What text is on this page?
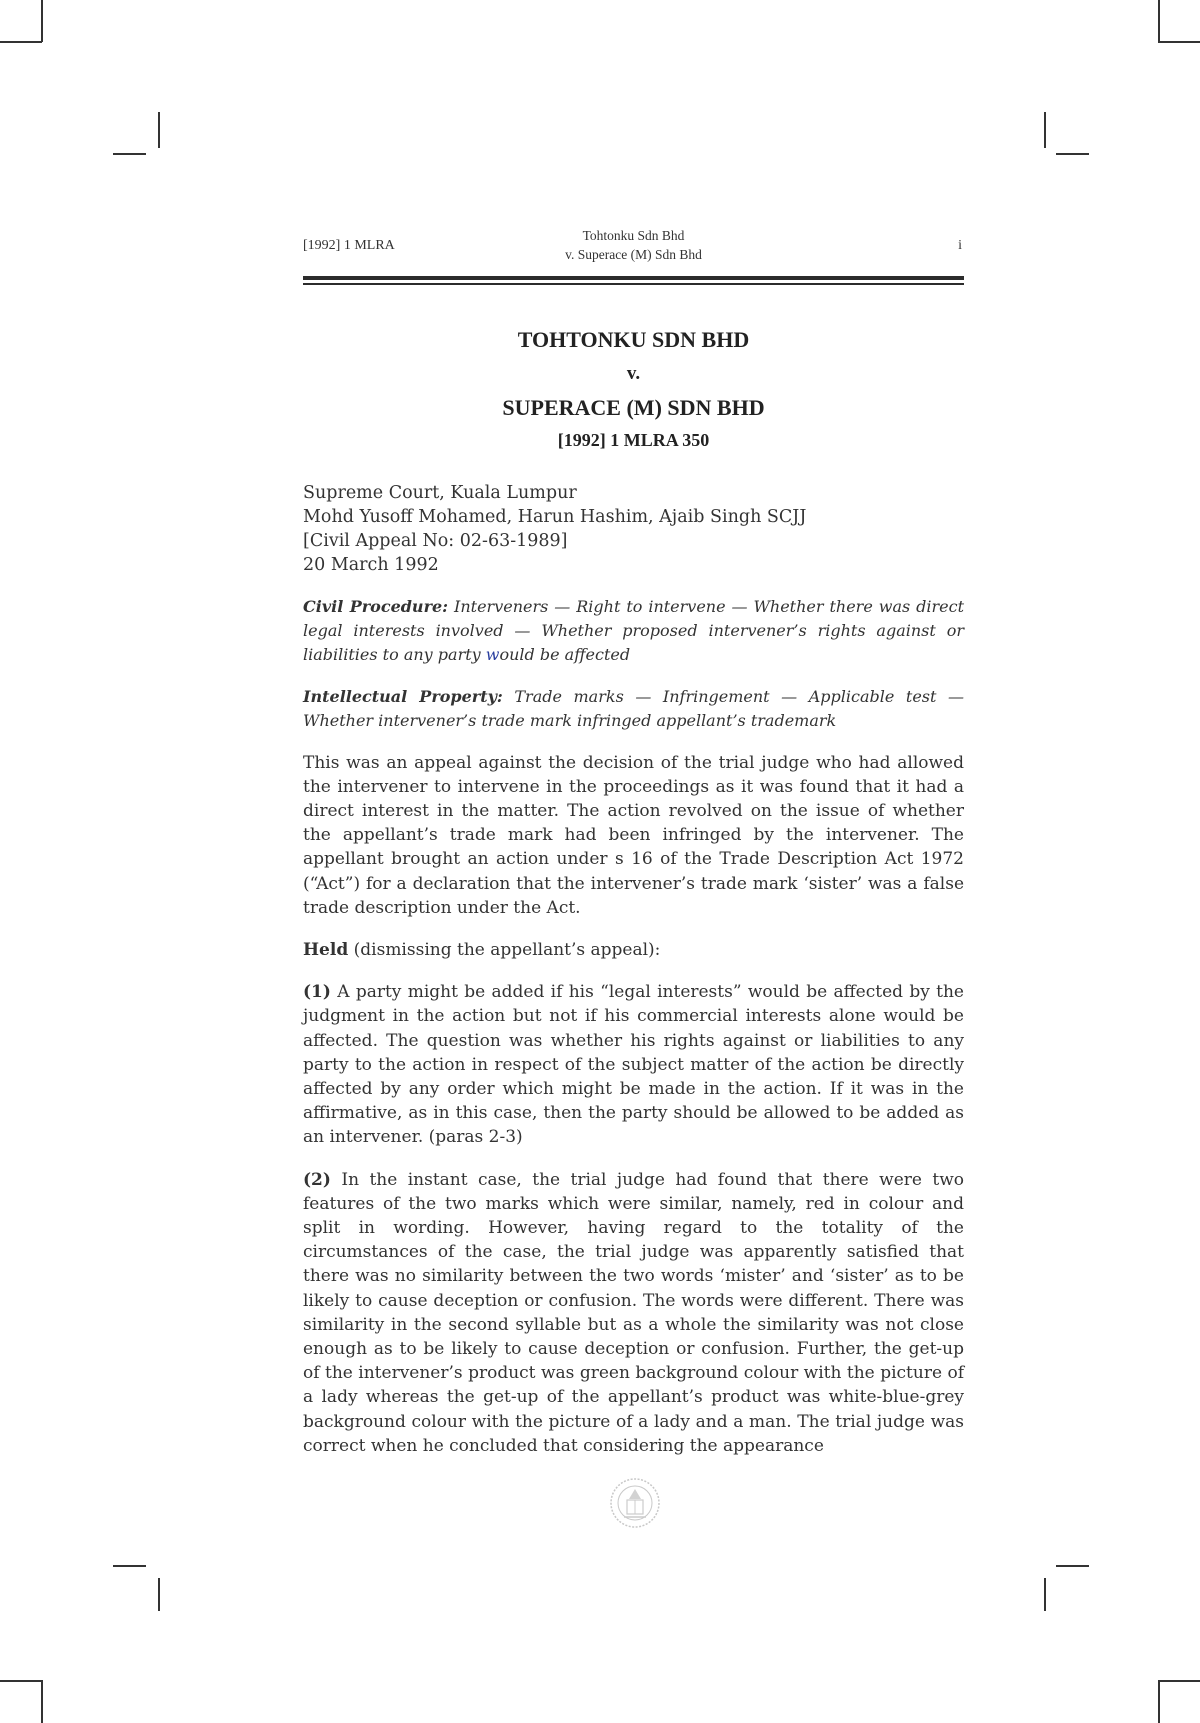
[1992] 1 MLRA
Tohtonku Sdn Bhd
v. Superace (M) Sdn Bhd
i
TOHTONKU SDN BHD
v.
SUPERACE (M) SDN BHD
[1992] 1 MLRA 350
Supreme Court, Kuala Lumpur
Mohd Yusoff Mohamed, Harun Hashim, Ajaib Singh SCJJ
[Civil Appeal No: 02-63-1989]
20 March 1992

Civil Procedure: Interveners — Right to intervene — Whether there was direct legal interests involved — Whether proposed intervener’s rights against or liabilities to any party would be affected

Intellectual Property: Trade marks — Infringement — Applicable test — Whether intervener’s trade mark infringed appellant’s trademark

This was an appeal against the decision of the trial judge who had allowed the intervener to intervene in the proceedings as it was found that it had a direct interest in the matter. The action revolved on the issue of whether the appellant’s trade mark had been infringed by the intervener. The appellant brought an action under s 16 of the Trade Description Act 1972 (“Act”) for a declaration that the intervener’s trade mark ‘sister’ was a false trade description under the Act.

Held (dismissing the appellant’s appeal):

(1) A party might be added if his “legal interests” would be affected by the judgment in the action but not if his commercial interests alone would be affected. The question was whether his rights against or liabilities to any party to the action in respect of the subject matter of the action be directly affected by any order which might be made in the action. If it was in the affirmative, as in this case, then the party should be allowed to be added as an intervener. (paras 2-3)

(2) In the instant case, the trial judge had found that there were two features of the two marks which were similar, namely, red in colour and split in wording. However, having regard to the totality of the circumstances of the case, the trial judge was apparently satisfied that there was no similarity between the two words ‘mister’ and ‘sister’ as to be likely to cause deception or confusion. The words were different. There was similarity in the second syllable but as a whole the similarity was not close enough as to be likely to cause deception or confusion. Further, the get-up of the intervener’s product was green background colour with the picture of a lady whereas the get-up of the appellant’s product was white-blue-grey background colour with the picture of a lady and a man. The trial judge was correct when he concluded that considering the appearance
